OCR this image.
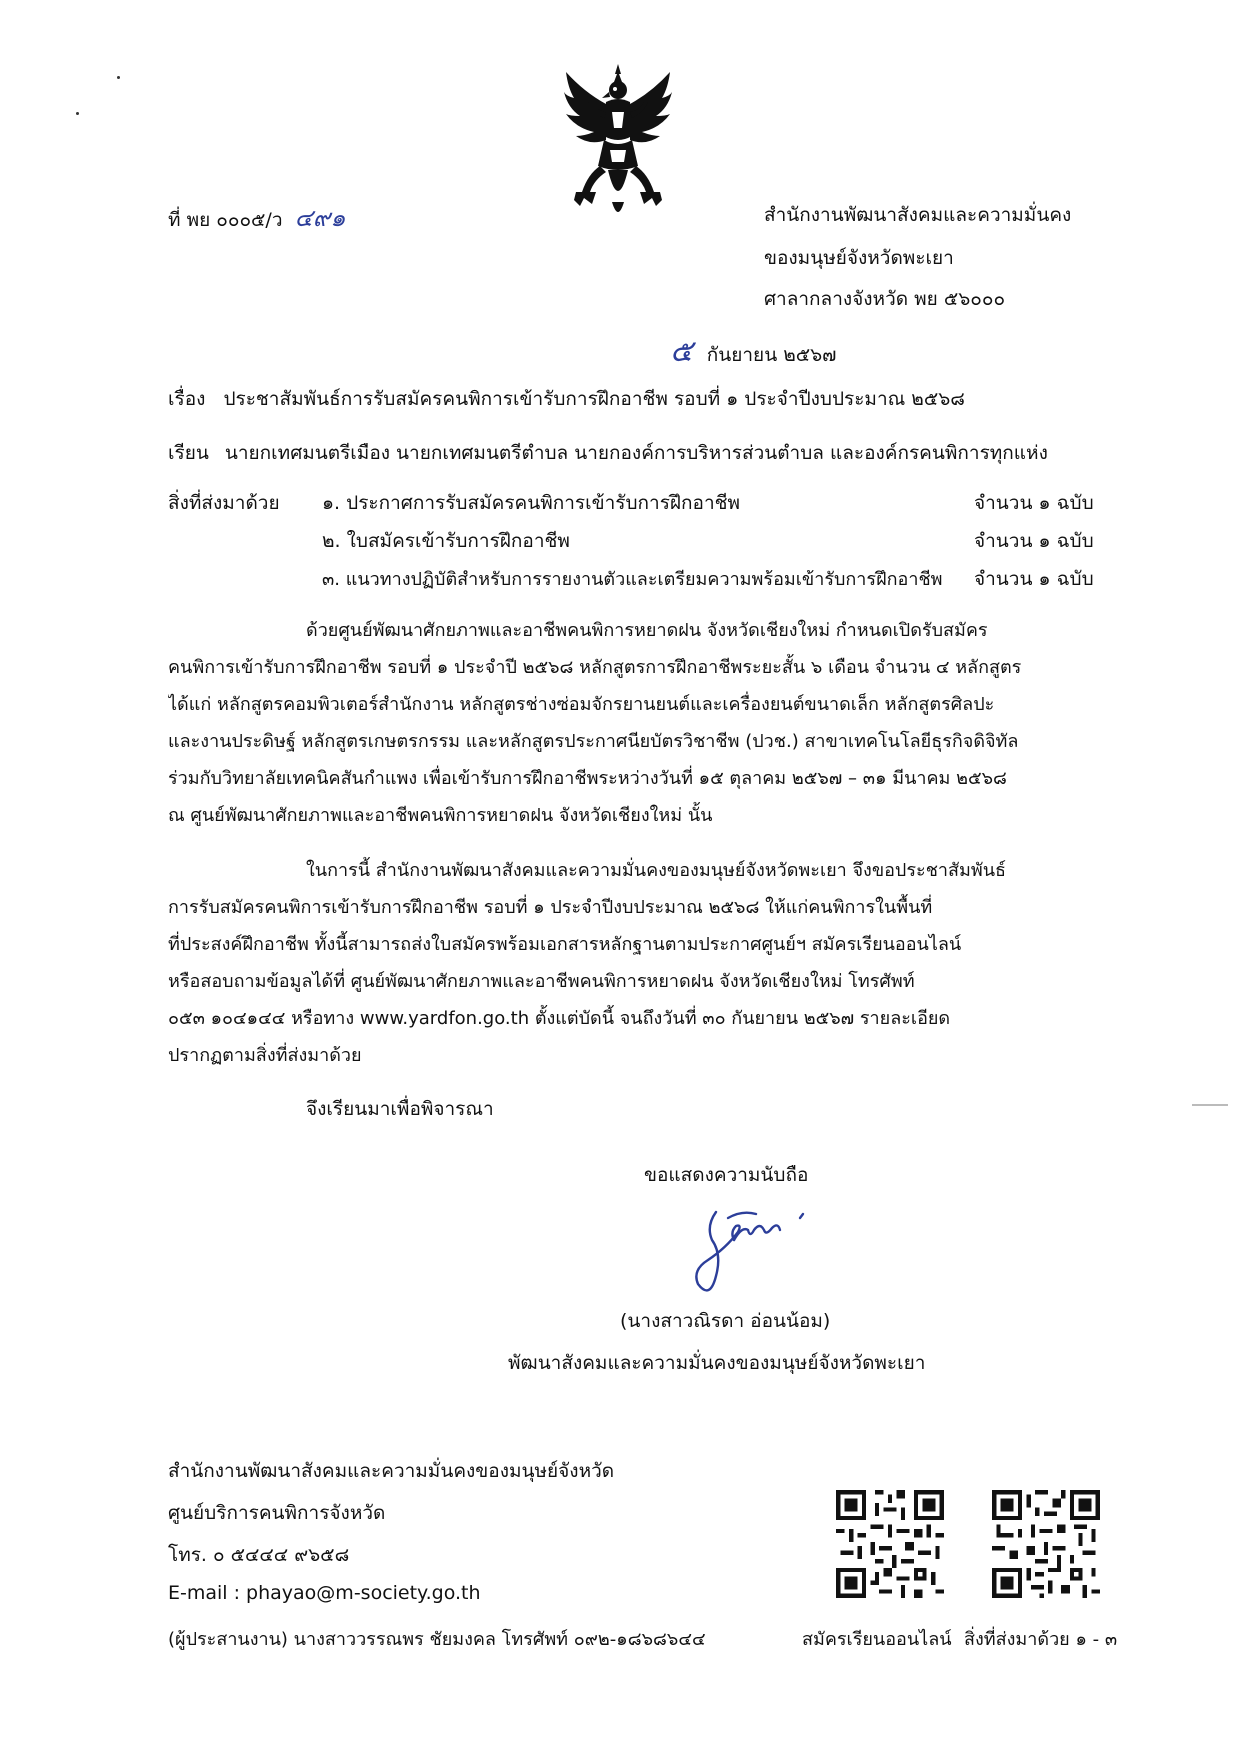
ที่ พย ๐๐๐๕/ว ๔๙๑	สำนักงานพัฒนาสังคมและความมั่นคง
ของมนุษย์จังหวัดพะเยา
ศาลากลางจังหวัด พย ๕๖๐๐๐
๕ กันยายน ๒๕๖๗
เรื่อง ประชาสัมพันธ์การรับสมัครคนพิการเข้ารับการฝึกอาชีพ รอบที่ ๑ ประจำปีงบประมาณ ๒๕๖๘
เรียน นายกเทศมนตรีเมือง นายกเทศมนตรีตำบล นายกองค์การบริหารส่วนตำบล และองค์กรคนพิการทุกแห่ง
สิ่งที่ส่งมาด้วย ๑. ประกาศการรับสมัครคนพิการเข้ารับการฝึกอาชีพ	จำนวน ๑ ฉบับ
๒. ใบสมัครเข้ารับการฝึกอาชีพ	จำนวน ๑ ฉบับ
๓. แนวทางปฏิบัติสำหรับการรายงานตัวและเตรียมความพร้อมเข้ารับการฝึกอาชีพ จำนวน ๑ ฉบับ
ด้วยศูนย์พัฒนาศักยภาพและอาชีพคนพิการหยาดฝน จังหวัดเชียงใหม่ กำหนดเปิดรับสมัคร
คนพิการเข้ารับการฝึกอาชีพ รอบที่ ๑ ประจำปี ๒๕๖๘ หลักสูตรการฝึกอาชีพระยะสั้น ๖ เดือน จำนวน ๔ หลักสูตร
ได้แก่ หลักสูตรคอมพิวเตอร์สำนักงาน หลักสูตรช่างซ่อมจักรยานยนต์และเครื่องยนต์ขนาดเล็ก หลักสูตรศิลปะ
และงานประดิษฐ์ หลักสูตรเกษตรกรรม และหลักสูตรประกาศนียบัตรวิชาชีพ (ปวช.) สาขาเทคโนโลยีธุรกิจดิจิทัล
ร่วมกับวิทยาลัยเทคนิคสันกำแพง เพื่อเข้ารับการฝึกอาชีพระหว่างวันที่ ๑๕ ตุลาคม ๒๕๖๗ – ๓๑ มีนาคม ๒๕๖๘
ณ ศูนย์พัฒนาศักยภาพและอาชีพคนพิการหยาดฝน จังหวัดเชียงใหม่ นั้น
ในการนี้ สำนักงานพัฒนาสังคมและความมั่นคงของมนุษย์จังหวัดพะเยา จึงขอประชาสัมพันธ์
การรับสมัครคนพิการเข้ารับการฝึกอาชีพ รอบที่ ๑ ประจำปีงบประมาณ ๒๕๖๘ ให้แก่คนพิการในพื้นที่
ที่ประสงค์ฝึกอาชีพ ทั้งนี้สามารถส่งใบสมัครพร้อมเอกสารหลักฐานตามประกาศศูนย์ฯ สมัครเรียนออนไลน์
หรือสอบถามข้อมูลได้ที่ ศูนย์พัฒนาศักยภาพและอาชีพคนพิการหยาดฝน จังหวัดเชียงใหม่ โทรศัพท์
๐๕๓ ๑๐๔๑๔๔ หรือทาง www.yardfon.go.th ตั้งแต่บัดนี้ จนถึงวันที่ ๓๐ กันยายน ๒๕๖๗ รายละเอียด
ปรากฏตามสิ่งที่ส่งมาด้วย
จึงเรียนมาเพื่อพิจารณา
ขอแสดงความนับถือ
(นางสาวณิรดา อ่อนน้อม)
พัฒนาสังคมและความมั่นคงของมนุษย์จังหวัดพะเยา
สำนักงานพัฒนาสังคมและความมั่นคงของมนุษย์จังหวัด
ศูนย์บริการคนพิการจังหวัด
โทร. ๐ ๕๔๔๔ ๙๖๕๘
E-mail : phayao@m-society.go.th
(ผู้ประสานงาน) นางสาววรรณพร ชัยมงคล โทรศัพท์ ๐๙๒-๑๘๖๘๖๔๔	สมัครเรียนออนไลน์ สิ่งที่ส่งมาด้วย ๑ - ๓
